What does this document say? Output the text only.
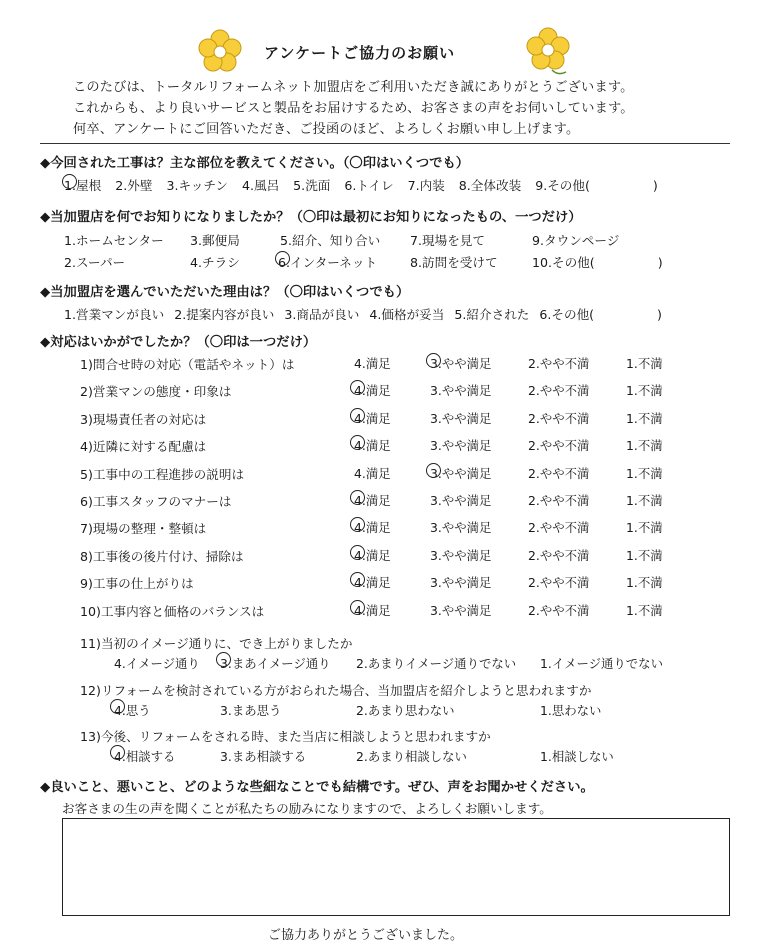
アンケートご協力のお願い
このたびは、トータルリフォームネット加盟店をご利用いただき誠にありがとうございます。
これからも、より良いサービスと製品をお届けするため、お客さまの声をお伺いしています。
何卒、アンケートにご回答いただき、ご投函のほど、よろしくお願い申し上げます。
◆今回された工事は？主な部位を教えてください。（〇印はいくつでも）
1.屋根 2.外壁 3.キッチン 4.風呂 5.洗面 6.トイレ 7.内装 8.全体改装 9.その他(　　　　　)
◆当加盟店を何でお知りになりましたか？（〇印は最初にお知りになったもの、一つだけ）
1.ホームセンター 3.郵便局	5.紹介、知り合い 7.現場を見て	9.タウンページ
2.スーパー	4.チラシ	6.インターネット	8.訪問を受けて	10.その他(　　　　　)
◆当加盟店を選んでいただいた理由は？（〇印はいくつでも）
1.営業マンが良い 2.提案内容が良い 3.商品が良い 4.価格が妥当 5.紹介された 6.その他(　　　　　)
◆対応はいかがでしたか？（〇印は一つだけ）
1)問合せ時の対応（電話やネット）は	4.満足	3.やや満足	2.やや不満	1.不満
2)営業マンの態度・印象は	4.満足	3.やや満足	2.やや不満	1.不満
3)現場責任者の対応は	4.満足	3.やや満足	2.やや不満	1.不満
4)近隣に対する配慮は	4.満足	3.やや満足	2.やや不満	1.不満
5)工事中の工程進捗の説明は	4.満足	3.やや満足	2.やや不満	1.不満
6)工事スタッフのマナーは	4.満足	3.やや満足	2.やや不満	1.不満
7)現場の整理・整頓は	4.満足	3.やや満足	2.やや不満	1.不満
8)工事後の後片付け、掃除は	4.満足	3.やや満足	2.やや不満	1.不満
9)工事の仕上がりは	4.満足	3.やや満足	2.やや不満	1.不満
10)工事内容と価格のバランスは	4.満足	3.やや満足	2.やや不満	1.不満
11)当初のイメージ通りに、でき上がりましたか
4.イメージ通り 3.まあイメージ通り 2.あまりイメージ通りでない 1.イメージ通りでない
12)リフォームを検討されている方がおられた場合、当加盟店を紹介しようと思われますか
4.思う	3.まあ思う	2.あまり思わない	1.思わない
13)今後、リフォームをされる時、また当店に相談しようと思われますか
4.相談する	3.まあ相談する	2.あまり相談しない	1.相談しない
◆良いこと、悪いこと、どのような些細なことでも結構です。ぜひ、声をお聞かせください。
お客さまの生の声を聞くことが私たちの励みになりますので、よろしくお願いします。
ご協力ありがとうございました。
